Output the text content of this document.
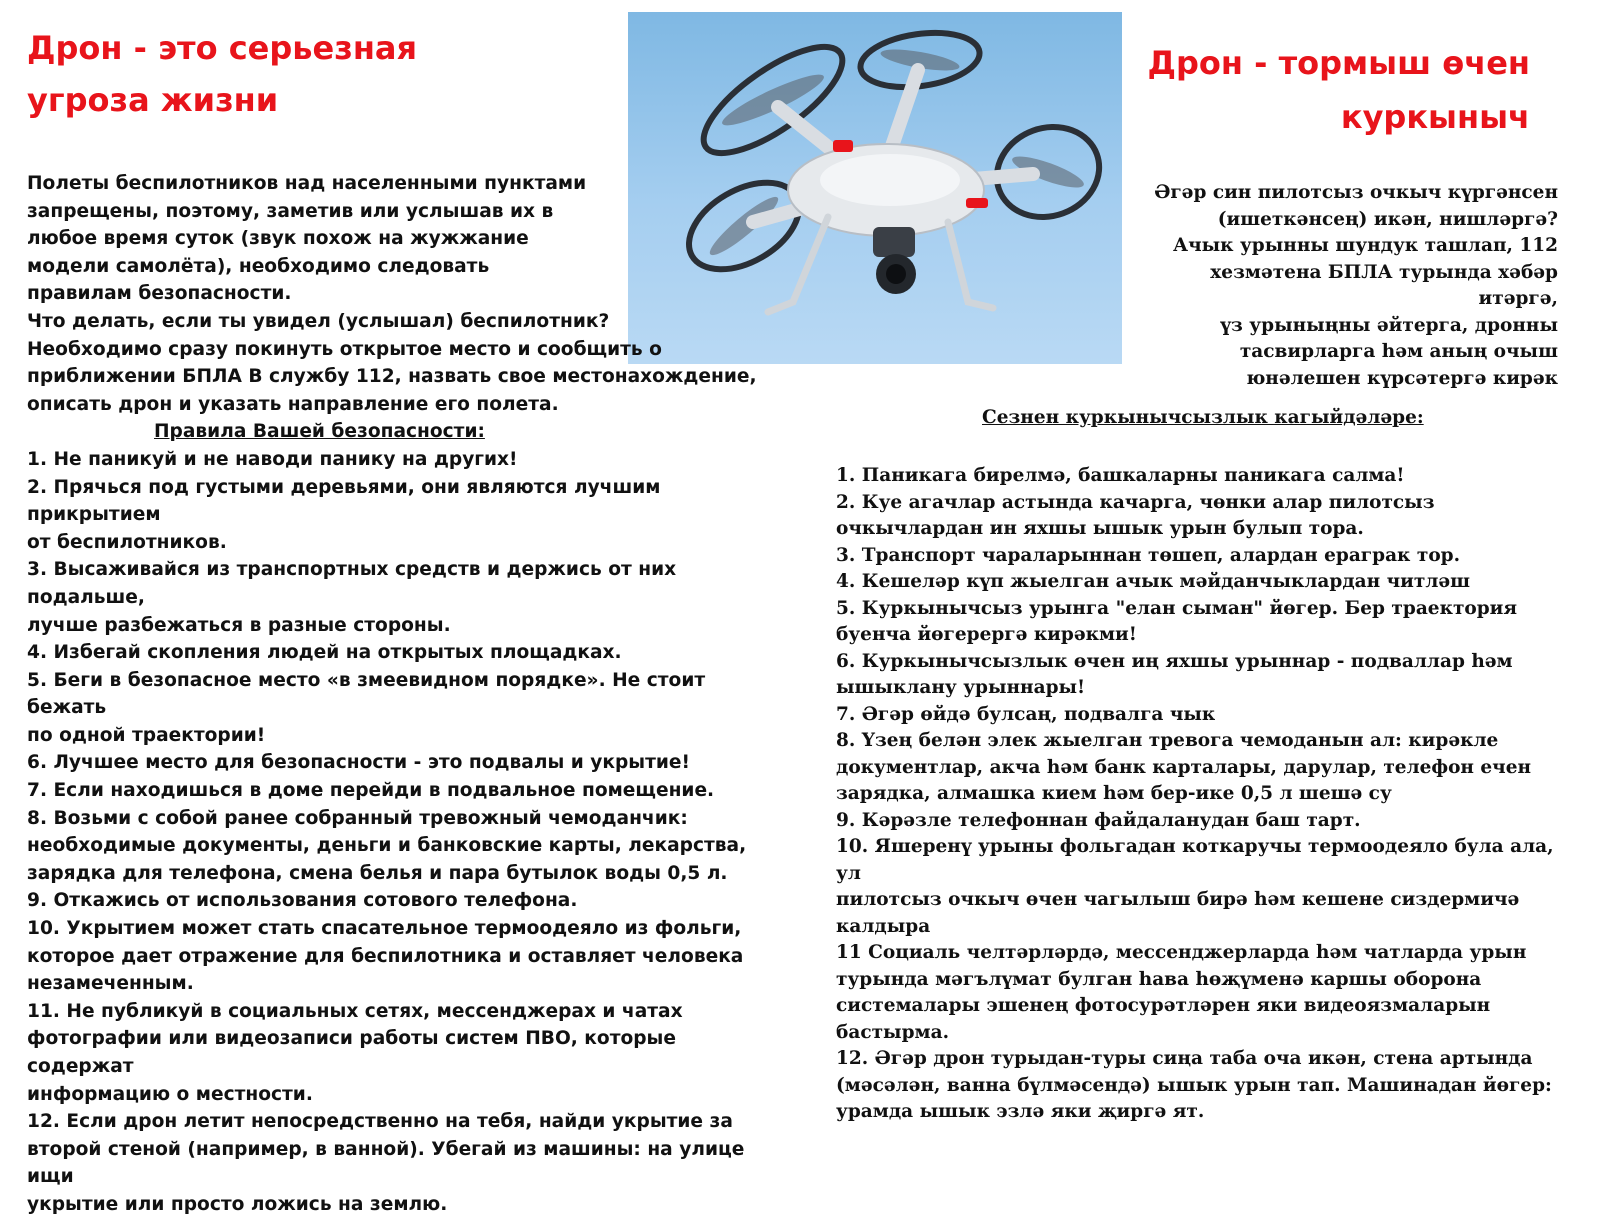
Дрон - это серьезная
угроза жизни
Дрон - тормыш өчен
куркыныч

Полеты беспилотников над населенными пунктами

запрещены, поэтому, заметив или услышав их в

любое время суток (звук похож на жужжание

модели самолёта), необходимо следовать

правилам безопасности.

Что делать, если ты увидел (услышал) беспилотник?

Необходимо сразу покинуть открытое место и сообщить о

приближении БПЛА В службу 112, назвать свое местонахождение,

описать дрон и указать направление его полета.

Правила Вашей безопасности:

1. Не паникуй и не наводи панику на других!

2. Прячься под густыми деревьями, они являются лучшим прикрытием

от беспилотников.

3. Высаживайся из транспортных средств и держись от них подальше,

лучше разбежаться в разные стороны.

4. Избегай скопления людей на открытых площадках.

5. Беги в безопасное место «в змеевидном порядке». Не стоит бежать

по одной траектории!

6. Лучшее место для безопасности - это подвалы и укрытие!

7. Если находишься в доме перейди в подвальное помещение.

8. Возьми с собой ранее собранный тревожный чемоданчик:

необходимые документы, деньги и банковские карты, лекарства,

зарядка для телефона, смена белья и пара бутылок воды 0,5 л.

9. Откажись от использования сотового телефона.

10. Укрытием может стать спасательное термоодеяло из фольги,

которое дает отражение для беспилотника и оставляет человека

незамеченным.

11. Не публикуй в социальных сетях, мессенджерах и чатах

фотографии или видеозаписи работы систем ПВО, которые содержат

информацию о местности.

12. Если дрон летит непосредственно на тебя, найди укрытие за

второй стеной (например, в ванной). Убегай из машины: на улице ищи

укрытие или просто ложись на землю.

Әгәр син пилотсыз очкыч күргәнсен
(ишеткәнсең) икән, нишләргә?
Ачык урынны шундук ташлап, 112
хезмәтена БПЛА турында хәбәр итәргә,
үз урыныңны әйтерга, дронны
тасвирларга һәм аның очыш
юнәлешен күрсәтергә кирәк
Сезнен куркынычсызлык кагыйдәләре:

1. Паникага бирелмә, башкаларны паникага салма!

2. Куе агачлар астында качарга, чөнки алар пилотсыз

очкычлардан ин яхшы ышык урын булып тора.

3. Транспорт чараларыннан төшеп, алардан ераграк тор.

4. Кешеләр күп жыелган ачык мәйданчыклардан читләш

5. Куркынычсыз урынга "елан сыман" йөгер. Бер траектория

буенча йөгерергә кирәкми!

6. Куркынычсызлык өчен иң яхшы урыннар - подваллар һәм

ышыклану урыннары!

7. Әгәр өйдә булсаң, подвалга чык

8. Үзең белән элек жыелган тревога чемоданын ал: кирәкле

документлар, акча һәм банк карталары, дарулар, телефон ечен

зарядка, алмашка кием һәм бер-ике 0,5 л шешә су

9. Кәрәзле телефоннан файдаланудан баш тарт.

10. Яшеренү урыны фольгадан коткаручы термоодеяло була ала, ул

пилотсыз очкыч өчен чагылыш бирә һәм кешене сиздермичә

калдыра

11 Социаль челтәрләрдә, мессенджерларда һәм чатларда урын

турында мәгълүмат булган һава һөҗүменә каршы оборона

системалары эшенең фотосурәтләрен яки видеоязмаларын

бастырма.

12. Әгәр дрон турыдан-туры сиңа таба оча икән, стена артында

(мәсәлән, ванна бүлмәсендә) ышык урын тап. Машинадан йөгер:

урамда ышык эзлә яки җиргә ят.
